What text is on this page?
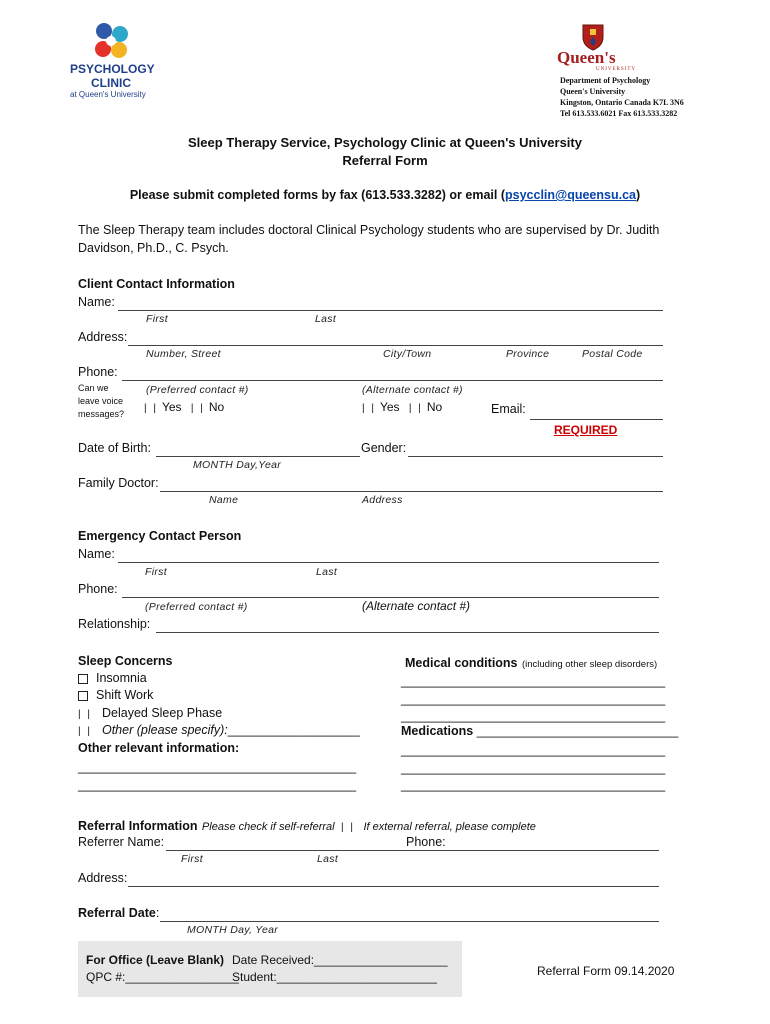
PSYCHOLOGY
CLINIC
at Queen's University
Queen's
UNIVERSITY
Department of Psychology
Queen's University
Kingston, Ontario Canada K7L 3N6
Tel 613.533.6021 Fax 613.533.3282
Sleep Therapy Service, Psychology Clinic at Queen's University
Referral Form
Please submit completed forms by fax (613.533.3282) or email (psycclin@queensu.ca)
The Sleep Therapy team includes doctoral Clinical Psychology students who are supervised by Dr. Judith
Davidson, Ph.D., C. Psych.
Client Contact Information
Name:
First	Last
Address:
Number, Street	City/Town	Province	Postal Code
Phone:
Can we
leave voice
messages?
(Preferred contact #)	(Alternate contact #)
| | Yes | | No	| | Yes | | No	Email:
REQUIRED
Date of Birth:	Gender:
MONTH Day,Year
Family Doctor:
Name	Address
Emergency Contact Person
Name:
First	Last
Phone:
(Preferred contact #)	(Alternate contact #)
Relationship:
Sleep Concerns
Insomnia
Shift Work
| | Delayed Sleep Phase
| | Other (please specify):___________________
Other relevant information:
________________________________________
________________________________________
Medical conditions (including other sleep disorders)
______________________________________
______________________________________
______________________________________
Medications _____________________________
______________________________________
______________________________________
______________________________________
Referral Information Please check if self-referral | | If external referral, please complete
Referrer Name:	Phone:
First	Last
Address:
Referral Date:
MONTH Day, Year
For Office (Leave Blank)
QPC #:_________________
Date Received:____________________
Student:________________________	Referral Form 09.14.2020
